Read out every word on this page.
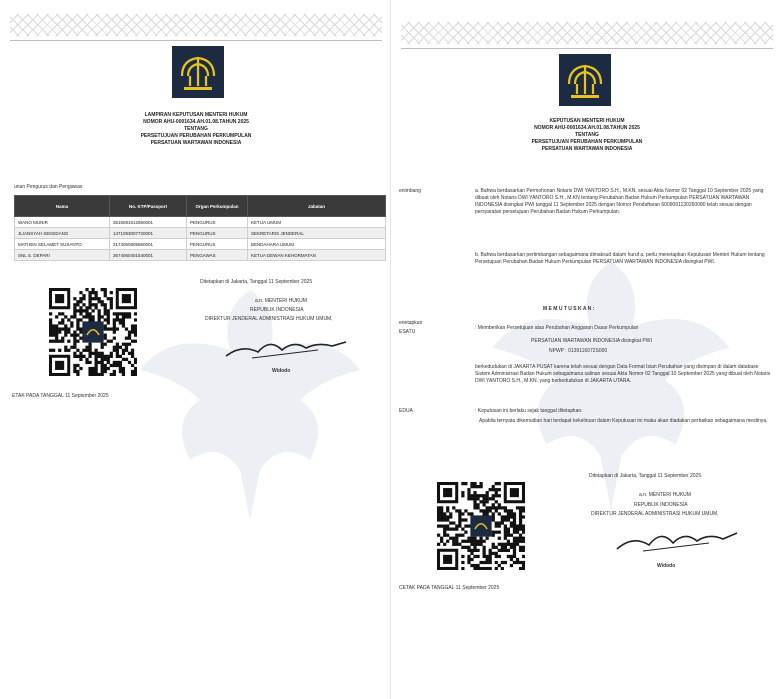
LAMPIRAN KEPUTUSAN MENTERI HUKUM
NOMOR AHU-0001634.AH.01.08.TAHUN 2025
TENTANG
PERSETUJUAN PERUBAHAN PERKUMPULAN
PERSATUAN WARTAWAN INDONESIA
unan Pengurus dan Pengawas
Nama	No. KTP/Passport	Organ Perkumpulan	Jabatan
WANO MUNIR	3515081512860001	PENGURUS	KETUA UMUM
JLIANSYAH SEKEDANG	1471093007720001	PENGURUS	SEKRETARIS JENDERAL
MATHEN SELAMET SUSANTO	3174050905660001	PENGURUS	BENDAHARA UMUM
SNL S. DEPARI	3674060401540001	PENGAWAS	KETUA DEWAN KEHORMATAN
Ditetapkan di Jakarta, Tanggal 11 September 2025
a.n. MENTERI HUKUM
REPUBLIK INDONESIA
DIREKTUR JENDERAL ADMINISTRASI HUKUM UMUM,
Widodo
ETAK PADA TANGGAL 11 September 2025
KEPUTUSAN MENTERI HUKUM
NOMOR AHU-0001634.AH.01.08.TAHUN 2025
TENTANG
PERSETUJUAN PERUBAHAN PERKUMPULAN
PERSATUAN WARTAWAN INDONESIA
enimbang	a. Bahwa berdasarkan Permohonan Notaris DWI YANTORO S.H., M.KN. sesuai Akta Nomor 02 Tanggal 10 September 2025 yang dibuat oleh Notaris DWI YANTORO S.H., M.KN tentang Perubahan Badan Hukum Perkumpulan PERSATUAN WARTAWAN INDONESIA disingkat PWI tanggal 11 September 2025 dengan Nomor Pendaftaran 6009091130260080 telah sesuai dengan persyaratan persetujuan Perubahan Badan Hukum Perkumpulan.
b. Bahwa berdasarkan pertimbangan sebagaimana dimaksud dalam huruf a, perlu menetapkan Keputusan Menteri Hukum tentang Persetujuan Perubahan Badan Hukum Perkumpulan PERSATUAN WARTAWAN INDONESIA disingkat PWI.
M E M U T U S K A N :
enetapkan
ESATU
: Memberikan Persetujuan atas Perubahan Anggaran Dasar Perkumpulan
PERSATUAN WARTAWAN INDONESIA disingkat PWI
NPWP : 0139116072S000
berkedudukan di JAKARTA PUSAT karena telah sesuai dengan Data Format Isian Perubahan yang disimpan di dalam database Sistem Administrasi Badan Hukum sebagaimana salinan sesuai Akta Nomor 02 Tanggal 10 September 2025 yang dibuat oleh Notaris DWI YANTORO S.H., M.KN. yang berkedudukan di JAKARTA UTARA.
EDUA	: Keputusan ini berlaku sejak tanggal ditetapkan.
Apabila ternyata dikemudian hari terdapat kekeliruan dalam Keputusan ini maka akan diadakan perbaikan sebagaimana mestinya.
Ditetapkan di Jakarta, Tanggal 11 September 2025.
a.n. MENTERI HUKUM
REPUBLIK INDONESIA
DIREKTUR JENDERAL ADMINISTRASI HUKUM UMUM,
Widodo
CETAK PADA TANGGAL 11 September 2025
